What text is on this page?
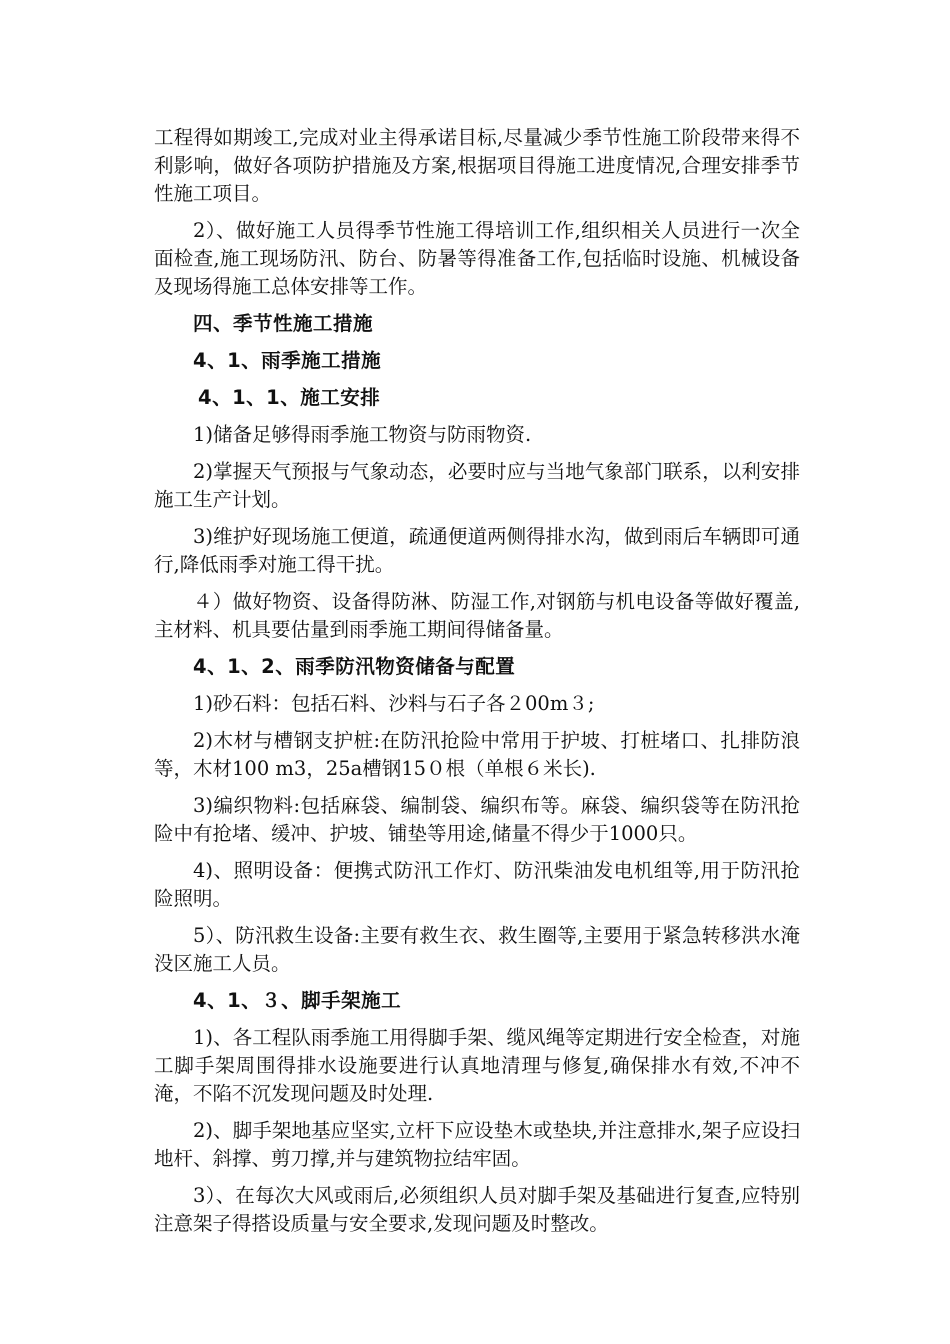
工程得如期竣工,完成对业主得承诺目标,尽量减少季节性施工阶段带来得不利影响，做好各项防护措施及方案,根据项目得施工进度情况,合理安排季节性施工项目。

2）、做好施工人员得季节性施工得培训工作,组织相关人员进行一次全面检查,施工现场防汛、防台、防暑等得准备工作,包括临时设施、机械设备及现场得施工总体安排等工作。

四、季节性施工措施

4、1、雨季施工措施

4、1、1、施工安排

1)储备足够得雨季施工物资与防雨物资.

2)掌握天气预报与气象动态，必要时应与当地气象部门联系，以利安排施工生产计划。

3)维护好现场施工便道，疏通便道两侧得排水沟，做到雨后车辆即可通行,降低雨季对施工得干扰。

４）做好物资、设备得防淋、防湿工作,对钢筋与机电设备等做好覆盖,主材料、机具要估量到雨季施工期间得储备量。

4、1、2、雨季防汛物资储备与配置

1)砂石料：包括石料、沙料与石子各２00m３;

2)木材与槽钢支护桩:在防汛抢险中常用于护坡、打桩堵口、扎排防浪等，木材100 m3，25a槽钢15０根（单根６米长).

3)编织物料:包括麻袋、编制袋、编织布等。麻袋、编织袋等在防汛抢险中有抢堵、缓冲、护坡、铺垫等用途,储量不得少于1000只。

4)、照明设备：便携式防汛工作灯、防汛柴油发电机组等,用于防汛抢险照明。

5）、防汛救生设备:主要有救生衣、救生圈等,主要用于紧急转移洪水淹没区施工人员。

4、1、３、脚手架施工

1)、各工程队雨季施工用得脚手架、缆风绳等定期进行安全检查，对施工脚手架周围得排水设施要进行认真地清理与修复,确保排水有效,不冲不淹，不陷不沉发现问题及时处理.

2)、脚手架地基应坚实,立杆下应设垫木或垫块,并注意排水,架子应设扫地杆、斜撑、剪刀撑,并与建筑物拉结牢固。

3）、在每次大风或雨后,必须组织人员对脚手架及基础进行复查,应特别注意架子得搭设质量与安全要求,发现问题及时整改。
